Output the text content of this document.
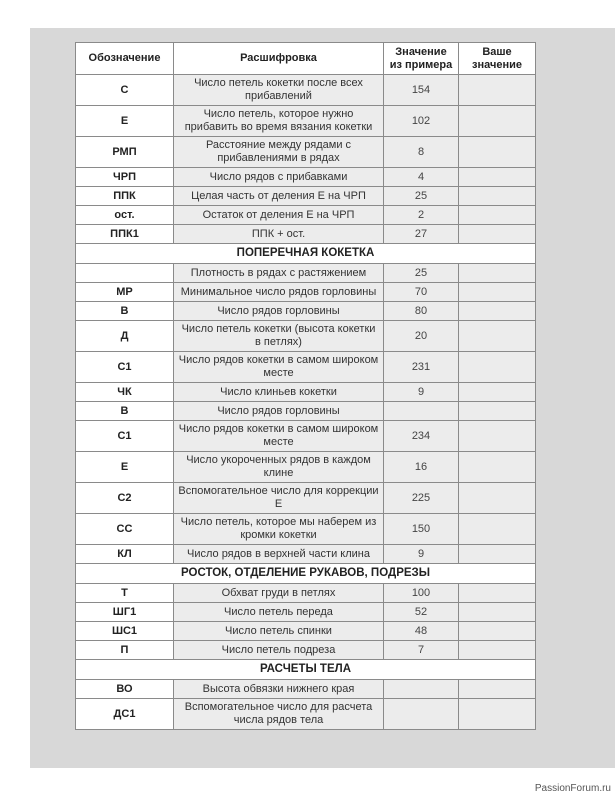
Обозначение	Расшифровка	Значение из примера	Ваше значение
С	Число петель кокетки после всех прибавлений	154	
Е	Число петель, которое нужно прибавить во время вязания кокетки	102	
РМП	Расстояние между рядами с прибавлениями в рядах	8	
ЧРП	Число рядов с прибавками	4	
ППК	Целая часть от деления Е на ЧРП	25	
ост.	Остаток от деления Е на ЧРП	2	
ППК1	ППК + ост.	27	
ПОПЕРЕЧНАЯ КОКЕТКА			
	Плотность в рядах с растяжением	25	
МР	Минимальное число рядов горловины	70	
В	Число рядов горловины	80	
Д	Число петель кокетки (высота кокетки в петлях)	20	
С1	Число рядов кокетки в самом широком месте	231	
ЧК	Число клиньев кокетки	9	
В	Число рядов горловины		
С1	Число рядов кокетки в самом широком месте	234	
Е	Число укороченных рядов в каждом клине	16	
С2	Вспомогательное число для коррекции Е	225	
СС	Число петель, которое мы наберем из кромки кокетки	150	
КЛ	Число рядов в верхней части клина	9	
РОСТОК, ОТДЕЛЕНИЕ РУКАВОВ, ПОДРЕЗЫ			
Т	Обхват груди в петлях	100	
ШГ1	Число петель переда	52	
ШС1	Число петель спинки	48	
П	Число петель подреза	7	
РАСЧЕТЫ ТЕЛА			
ВО	Высота обвязки нижнего края		
ДС1	Вспомогательное число для расчета числа рядов тела		
PassionForum.ru
